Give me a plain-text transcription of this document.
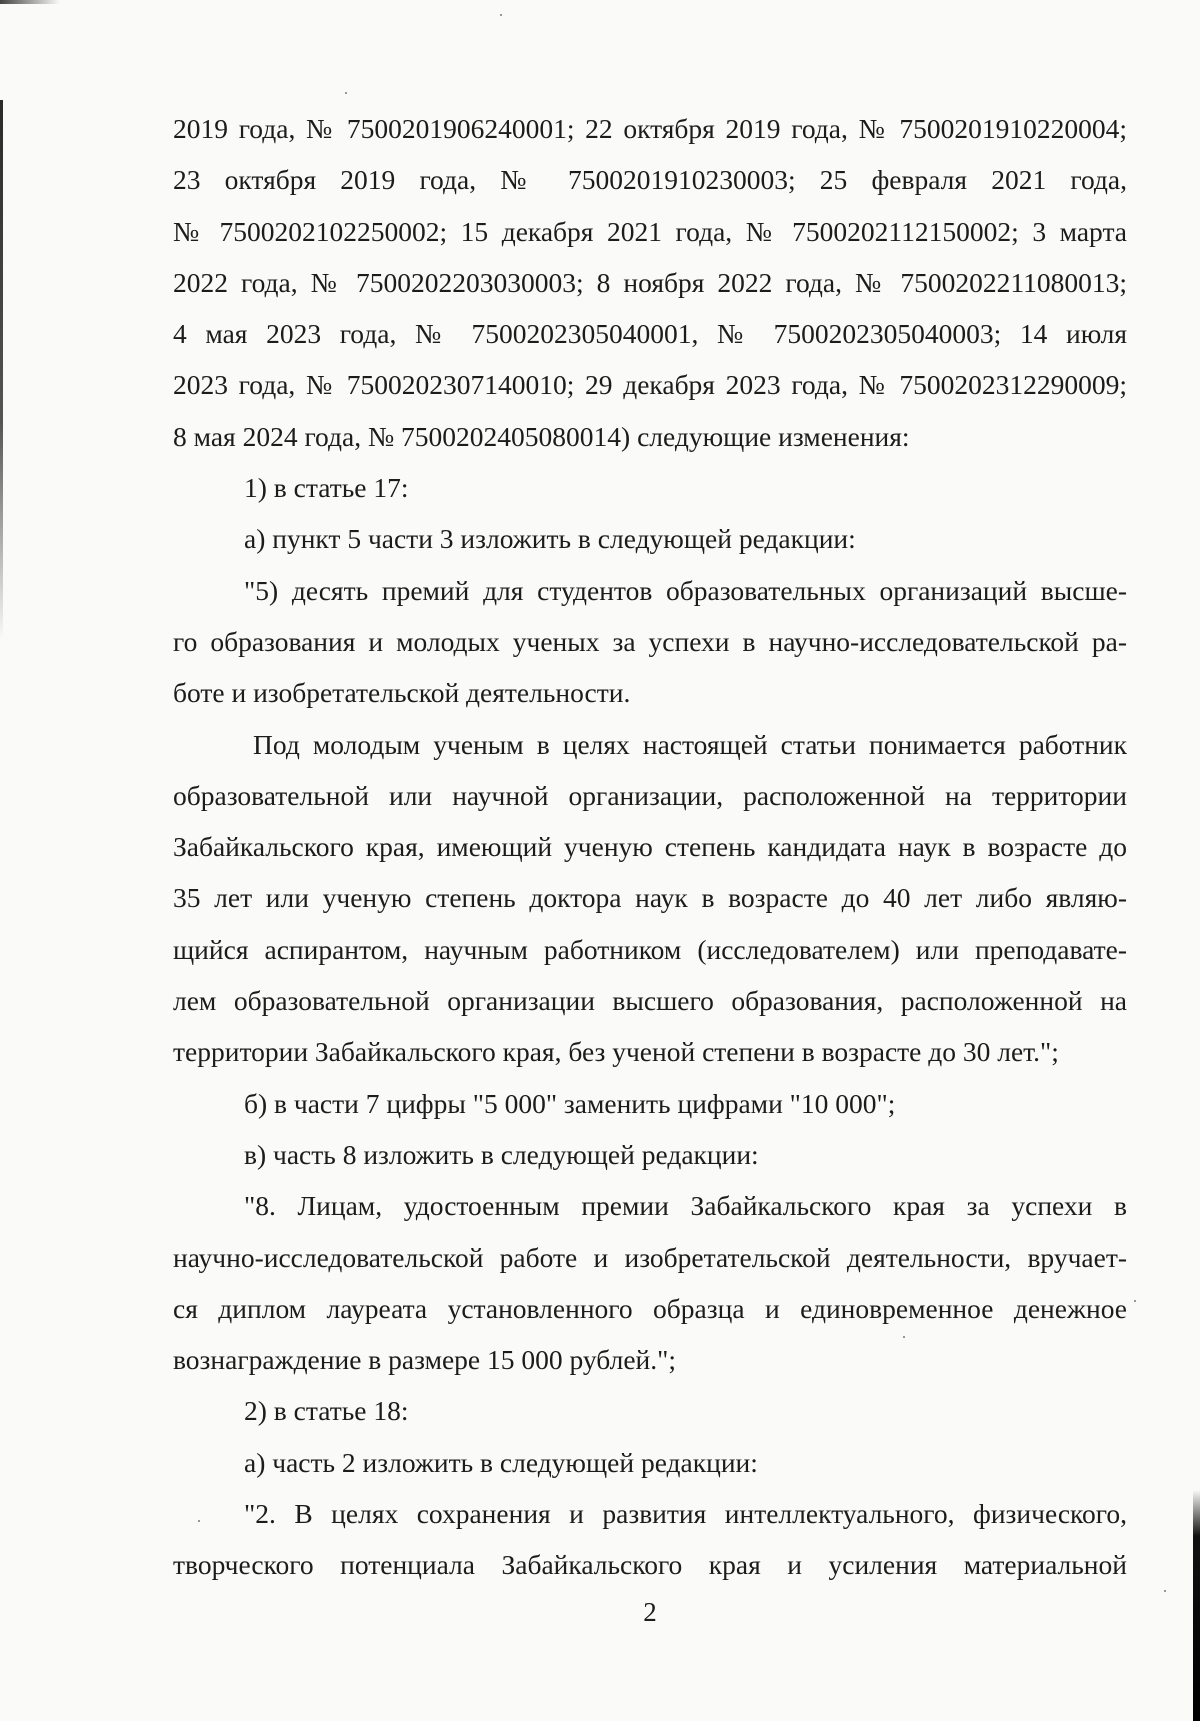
2019 года, № 7500201906240001; 22 октября 2019 года, № 7500201910220004;
23 октября 2019 года, № 7500201910230003; 25 февраля 2021 года,
№ 7500202102250002; 15 декабря 2021 года, № 7500202112150002; 3 марта
2022 года, № 7500202203030003; 8 ноября 2022 года, № 7500202211080013;
4 мая 2023 года, № 7500202305040001, № 7500202305040003; 14 июля
2023 года, № 7500202307140010; 29 декабря 2023 года, № 7500202312290009;
8 мая 2024 года, № 7500202405080014) следующие изменения:
1) в статье 17:
а) пункт 5 части 3 изложить в следующей редакции:
"5) десять премий для студентов образовательных организаций высше-
го образования и молодых ученых за успехи в научно-исследовательской ра-
боте и изобретательской деятельности.
Под молодым ученым в целях настоящей статьи понимается работник
образовательной или научной организации, расположенной на территории
Забайкальского края, имеющий ученую степень кандидата наук в возрасте до
35 лет или ученую степень доктора наук в возрасте до 40 лет либо являю-
щийся аспирантом, научным работником (исследователем) или преподавате-
лем образовательной организации высшего образования, расположенной на
территории Забайкальского края, без ученой степени в возрасте до 30 лет.";
б) в части 7 цифры "5 000" заменить цифрами "10 000";
в) часть 8 изложить в следующей редакции:
"8. Лицам, удостоенным премии Забайкальского края за успехи в
научно-исследовательской работе и изобретательской деятельности, вручает-
ся диплом лауреата установленного образца и единовременное денежное
вознаграждение в размере 15 000 рублей.";
2) в статье 18:
а) часть 2 изложить в следующей редакции:
"2. В целях сохранения и развития интеллектуального, физического,
творческого потенциала Забайкальского края и усиления материальной
2
